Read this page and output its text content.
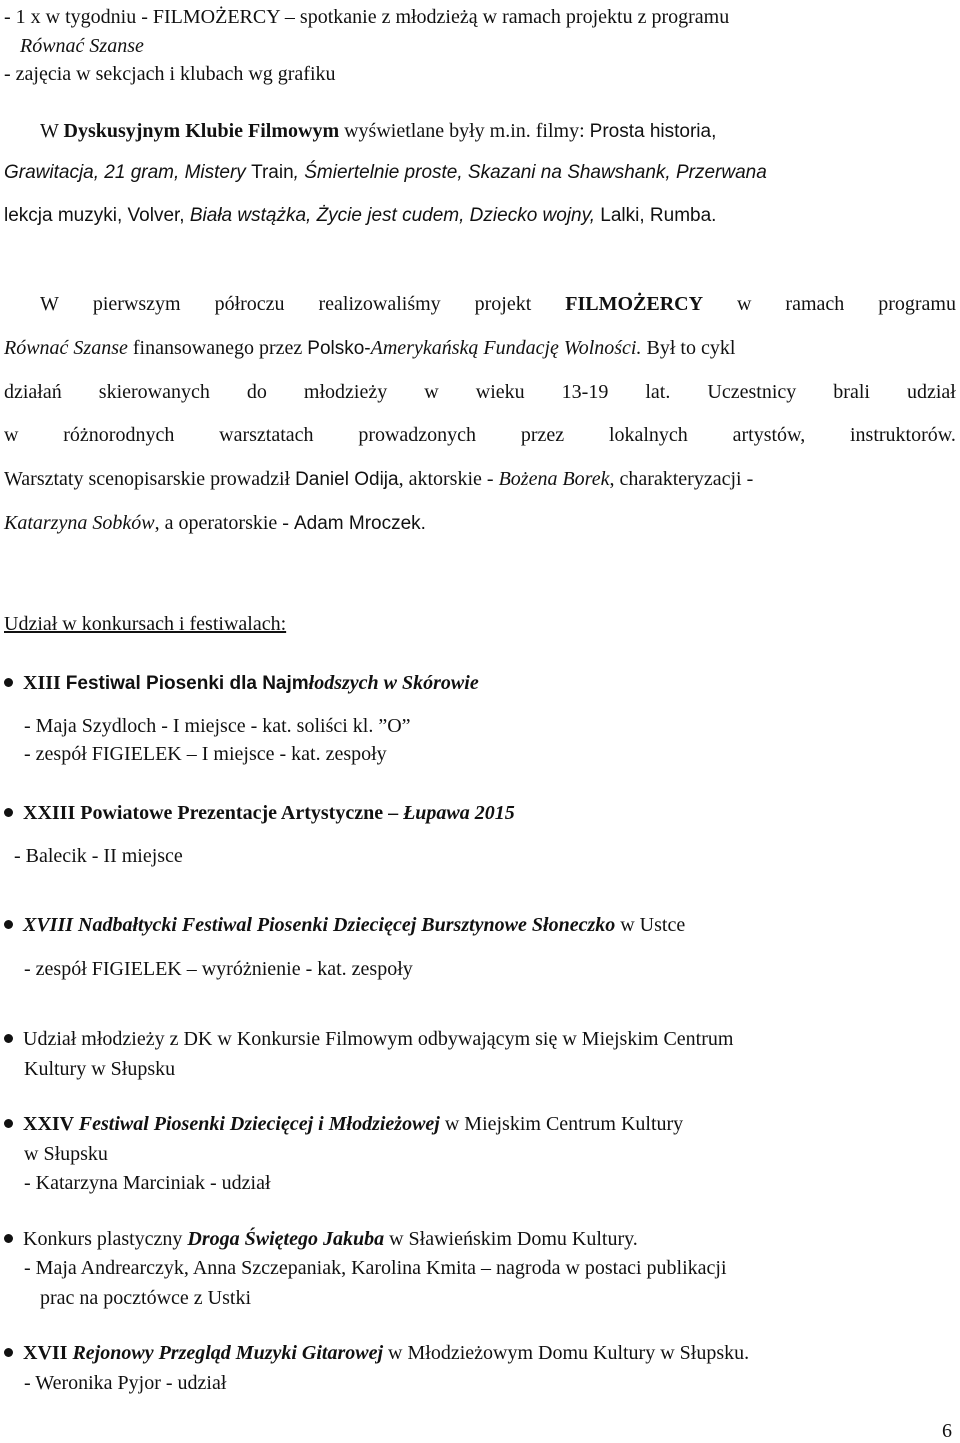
- 1 x w tygodniu - FILMOŻERCY – spotkanie z młodzieżą w ramach projektu z programu
Równać Szanse
- zajęcia w sekcjach i klubach wg grafiku
W Dyskusyjnym Klubie Filmowym wyświetlane były m.in. filmy: Prosta historia,
Grawitacja, 21 gram, Mistery Train, Śmiertelnie proste, Skazani na Shawshank, Przerwana
lekcja muzyki, Volver, Biała wstążka, Życie jest cudem, Dziecko wojny, Lalki, Rumba.
W pierwszym półroczu realizowaliśmy projekt FILMOŻERCY w ramach programu
Równać Szanse finansowanego przez Polsko-Amerykańską Fundację Wolności. Był to cykl
działań skierowanych do młodzieży w wieku 13-19 lat. Uczestnicy brali udział
w różnorodnych warsztatach prowadzonych przez lokalnych artystów, instruktorów.
Warsztaty scenopisarskie prowadził Daniel Odija, aktorskie - Bożena Borek, charakteryzacji -
Katarzyna Sobków, a operatorskie - Adam Mroczek.
Udział w konkursach i festiwalach:
XIII Festiwal Piosenki dla Najmłodszych w Skórowie
- Maja Szydloch - I miejsce - kat. soliści kl. ”O”
- zespół FIGIELEK – I miejsce - kat. zespoły
XXIII Powiatowe Prezentacje Artystyczne – Łupawa 2015
- Balecik - II miejsce
XVIII Nadbałtycki Festiwal Piosenki Dziecięcej Bursztynowe Słoneczko w Ustce
- zespół FIGIELEK – wyróżnienie - kat. zespoły
Udział młodzieży z DK w Konkursie Filmowym odbywającym się w Miejskim Centrum
Kultury w Słupsku
XXIV Festiwal Piosenki Dziecięcej i Młodzieżowej w Miejskim Centrum Kultury
w Słupsku
- Katarzyna Marciniak - udział
Konkurs plastyczny Droga Świętego Jakuba w Sławieńskim Domu Kultury.
- Maja Andrearczyk, Anna Szczepaniak, Karolina Kmita – nagroda w postaci publikacji
prac na pocztówce z Ustki
XVII Rejonowy Przegląd Muzyki Gitarowej w Młodzieżowym Domu Kultury w Słupsku.
- Weronika Pyjor - udział
6
